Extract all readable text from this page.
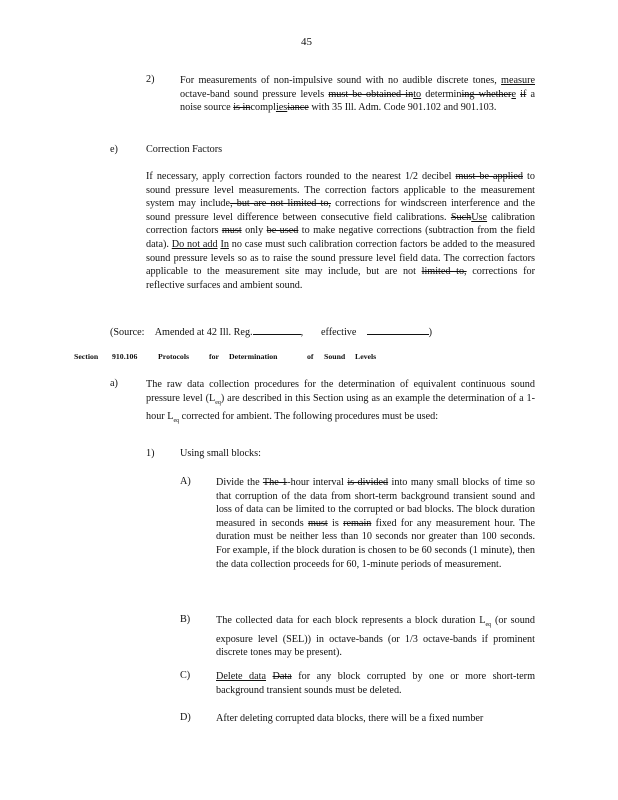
45
2)	For measurements of non-impulsive sound with no audible discrete tones, measure octave-band sound pressure levels must be obtained into determining whethere if a noise source is incompliesiance with 35 Ill. Adm. Code 901.102 and 901.103.
e)	Correction Factors
If necessary, apply correction factors rounded to the nearest 1/2 decibel must be applied to sound pressure level measurements. The correction factors applicable to the measurement system may include, but are not limited to, corrections for windscreen interference and the sound pressure level difference between consecutive field calibrations. SuchUse calibration correction factors must only be used to make negative corrections (subtraction from the field data). Do not add In no case must such calibration correction factors be added to the measured sound pressure levels so as to raise the sound pressure level field data. The correction factors applicable to the measurement site may include, but are not limited to, corrections for reflective surfaces and ambient sound.
(Source: Amended at 42 Ill. Reg.	, effective	)
Section 910.106	Protocols	for Determination	of Sound Levels
a)	The raw data collection procedures for the determination of equivalent continuous sound pressure level $(L_{eq})$ are described in this Section using as an example the determination of a 1-hour $L_{eq}$ corrected for ambient. The following procedures must be used:
1)	Using small blocks:
A) Divide the The 1-hour interval is divided into many small blocks of time so that corruption of the data from short-term background transient sound and loss of data can be limited to the corrupted or bad blocks. The block duration measured in seconds must is remain fixed for any measurement hour. The duration must be neither less than 10 seconds nor greater than 100 seconds. For example, if the block duration is chosen to be 60 seconds (1 minute), then the data collection proceeds for 60, 1-minute periods of measurement.
B)	The collected data for each block represents a block duration $L_{eq}$ (or sound exposure level (SEL)) in octave-bands (or 1/3 octave-bands if prominent discrete tones may be present).
C)	Delete data Data for any block corrupted by one or more short-term background transient sounds must be deleted.
D) After deleting corrupted data blocks, there will be a fixed number
